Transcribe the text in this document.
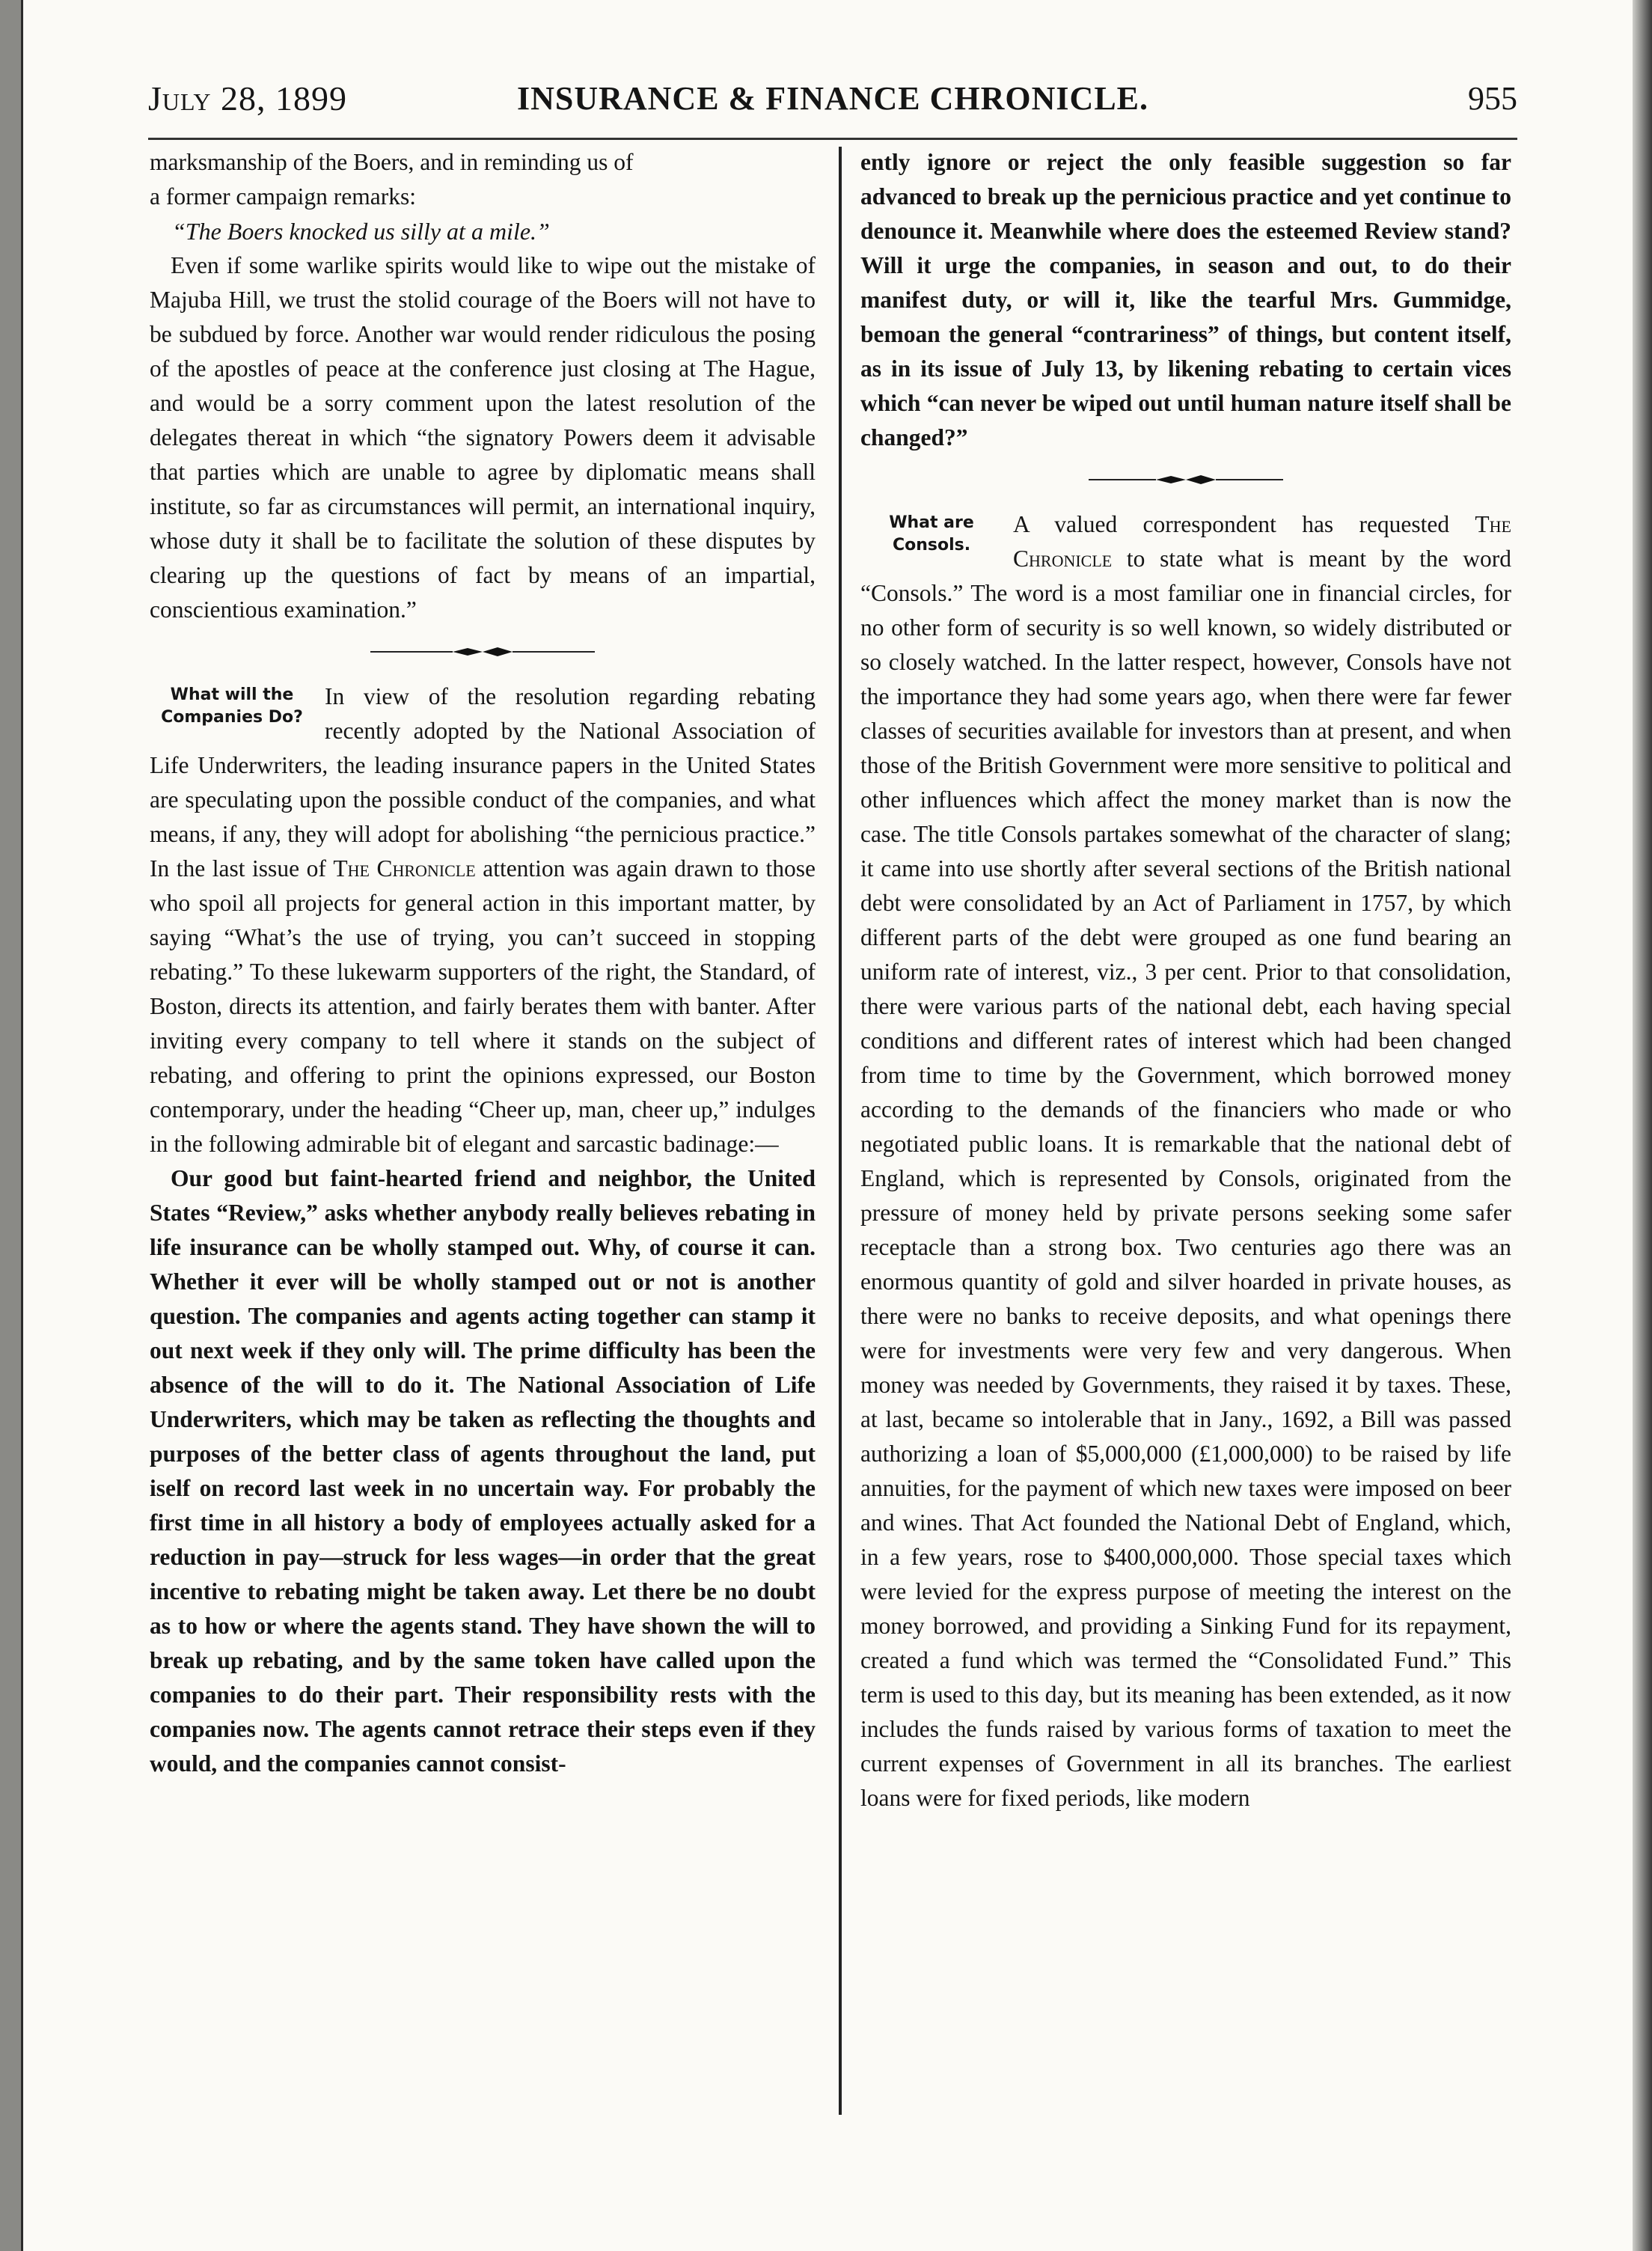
July 28, 1899	INSURANCE & FINANCE CHRONICLE.	955

marksmanship of the Boers, and in reminding us of
a former campaign remarks:

“The Boers knocked us silly at a mile.”

Even if some warlike spirits would like to wipe out the mistake of Majuba Hill, we trust the stolid courage of the Boers will not have to be subdued by force. Another war would render ridiculous the posing of the apostles of peace at the conference just closing at The Hague, and would be a sorry comment upon the latest resolution of the delegates thereat in which “the signatory Powers deem it advisable that parties which are unable to agree by diplomatic means shall institute, so far as circumstances will permit, an international inquiry, whose duty it shall be to facilitate the solution of these disputes by clearing up the questions of fact by means of an impartial, conscientious examination.”

What will the
Companies Do?

In view of the resolution regarding rebating recently adopted by the National Association of Life Underwriters, the leading insurance papers in the United States are speculating upon the possible conduct of the companies, and what means, if any, they will adopt for abolishing “the pernicious practice.” In the last issue of The Chronicle attention was again drawn to those who spoil all projects for general action in this important matter, by saying “What’s the use of trying, you can’t succeed in stopping rebating.” To these lukewarm supporters of the right, the Standard, of Boston, directs its attention, and fairly berates them with banter. After inviting every company to tell where it stands on the subject of rebating, and offering to print the opinions expressed, our Boston contemporary, under the heading “Cheer up, man, cheer up,” indulges in the following admirable bit of elegant and sarcastic badinage:—

Our good but faint-hearted friend and neighbor, the United States “Review,” asks whether anybody really believes rebating in life insurance can be wholly stamped out. Why, of course it can. Whether it ever will be wholly stamped out or not is another question. The companies and agents acting together can stamp it out next week if they only will. The prime difficulty has been the absence of the will to do it. The National Association of Life Underwriters, which may be taken as reflecting the thoughts and purposes of the better class of agents throughout the land, put iself on record last week in no uncertain way. For probably the first time in all history a body of employees actually asked for a reduction in pay—struck for less wages—in order that the great incentive to rebating might be taken away. Let there be no doubt as to how or where the agents stand. They have shown the will to break up rebating, and by the same token have called upon the companies to do their part. Their responsibility rests with the companies now. The agents cannot retrace their steps even if they would, and the companies cannot consist-

ently ignore or reject the only feasible suggestion so far advanced to break up the pernicious practice and yet continue to denounce it. Meanwhile where does the esteemed Review stand? Will it urge the companies, in season and out, to do their manifest duty, or will it, like the tearful Mrs. Gummidge, bemoan the general “contrariness” of things, but content itself, as in its issue of July 13, by likening rebating to certain vices which “can never be wiped out until human nature itself shall be changed?”

What are
Consols.

A valued correspondent has requested The Chronicle to state what is meant by the word “Consols.” The word is a most familiar one in financial circles, for no other form of security is so well known, so widely distributed or so closely watched. In the latter respect, however, Consols have not the importance they had some years ago, when there were far fewer classes of securities available for investors than at present, and when those of the British Government were more sensitive to political and other influences which affect the money market than is now the case. The title Consols partakes somewhat of the character of slang; it came into use shortly after several sections of the British national debt were consolidated by an Act of Parliament in 1757, by which different parts of the debt were grouped as one fund bearing an uniform rate of interest, viz., 3 per cent. Prior to that consolidation, there were various parts of the national debt, each having special conditions and different rates of interest which had been changed from time to time by the Government, which borrowed money according to the demands of the financiers who made or who negotiated public loans. It is remarkable that the national debt of England, which is represented by Consols, originated from the pressure of money held by private persons seeking some safer receptacle than a strong box. Two centuries ago there was an enormous quantity of gold and silver hoarded in private houses, as there were no banks to receive deposits, and what openings there were for investments were very few and very dangerous. When money was needed by Governments, they raised it by taxes. These, at last, became so intolerable that in Jany., 1692, a Bill was passed authorizing a loan of $5,000,000 (£1,000,000) to be raised by life annuities, for the payment of which new taxes were imposed on beer and wines. That Act founded the National Debt of England, which, in a few years, rose to $400,000,000. Those special taxes which were levied for the express purpose of meeting the interest on the money borrowed, and providing a Sinking Fund for its repayment, created a fund which was termed the “Consolidated Fund.” This term is used to this day, but its meaning has been extended, as it now includes the funds raised by various forms of taxation to meet the current expenses of Government in all its branches. The earliest loans were for fixed periods, like modern
